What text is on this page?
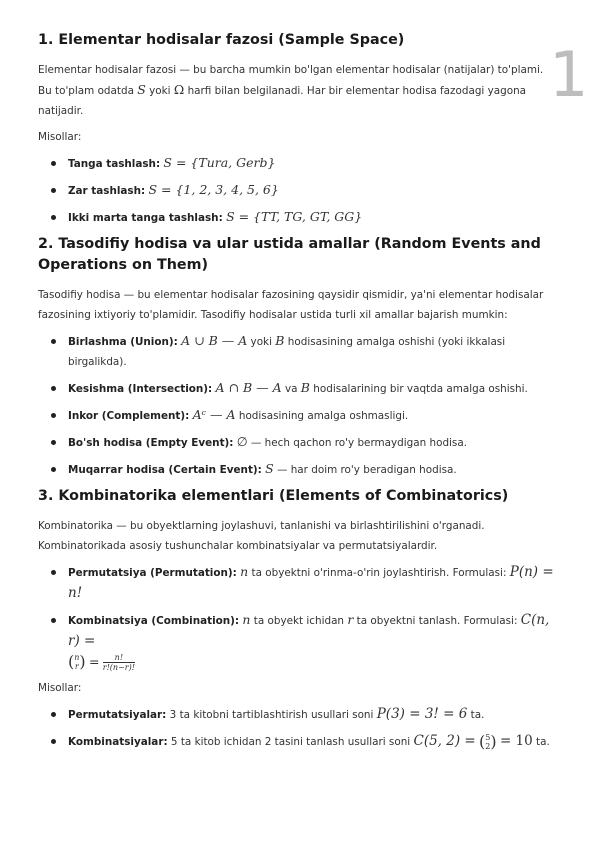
1
1. Elementar hodisalar fazosi (Sample Space)

Elementar hodisalar fazosi — bu barcha mumkin bo'lgan elementar hodisalar (natijalar) to'plami. Bu to'plam odatda S yoki Ω harfi bilan belgilanadi. Har bir elementar hodisa fazodagi yagona natijadir.

Misollar:

Tanga tashlash: S = {Tura, Gerb}
Zar tashlash: S = {1, 2, 3, 4, 5, 6}
Ikki marta tanga tashlash: S = {TT, TG, GT, GG}
2. Tasodifiy hodisa va ular ustida amallar (Random Events and Operations on Them)

Tasodifiy hodisa — bu elementar hodisalar fazosining qaysidir qismidir, ya'ni elementar hodisalar fazosining ixtiyoriy to'plamidir. Tasodifiy hodisalar ustida turli xil amallar bajarish mumkin:

Birlashma (Union): A ∪ B — A yoki B hodisasining amalga oshishi (yoki ikkalasi birgalikda).
Kesishma (Intersection): A ∩ B — A va B hodisalarining bir vaqtda amalga oshishi.
Inkor (Complement): Aᶜ — A hodisasining amalga oshmasligi.
Bo'sh hodisa (Empty Event): ∅ — hech qachon ro'y bermaydigan hodisa.
Muqarrar hodisa (Certain Event): S — har doim ro'y beradigan hodisa.
3. Kombinatorika elementlari (Elements of Combinatorics)

Kombinatorika — bu obyektlarning joylashuvi, tanlanishi va birlashtirilishini o'rganadi. Kombinatorikada asosiy tushunchalar kombinatsiyalar va permutatsiyalardir.

Permutatsiya (Permutation): n ta obyektni o'rinma-o'rin joylashtirish. Formulasi: P(n) = n!
Kombinatsiya (Combination): n ta obyekt ichidan r ta obyektni tanlash. Formulasi: C(n, r) =
( n
r ) = $\frac{n!}{r!(n-r)!}$

Misollar:

Permutatsiyalar: 3 ta kitobni tartiblashtirish usullari soni P(3) = 3! = 6 ta.
Kombinatsiyalar: 5 ta kitob ichidan 2 tasini tanlash usullari soni C(5, 2) = ( 5
2 ) = 10 ta.
